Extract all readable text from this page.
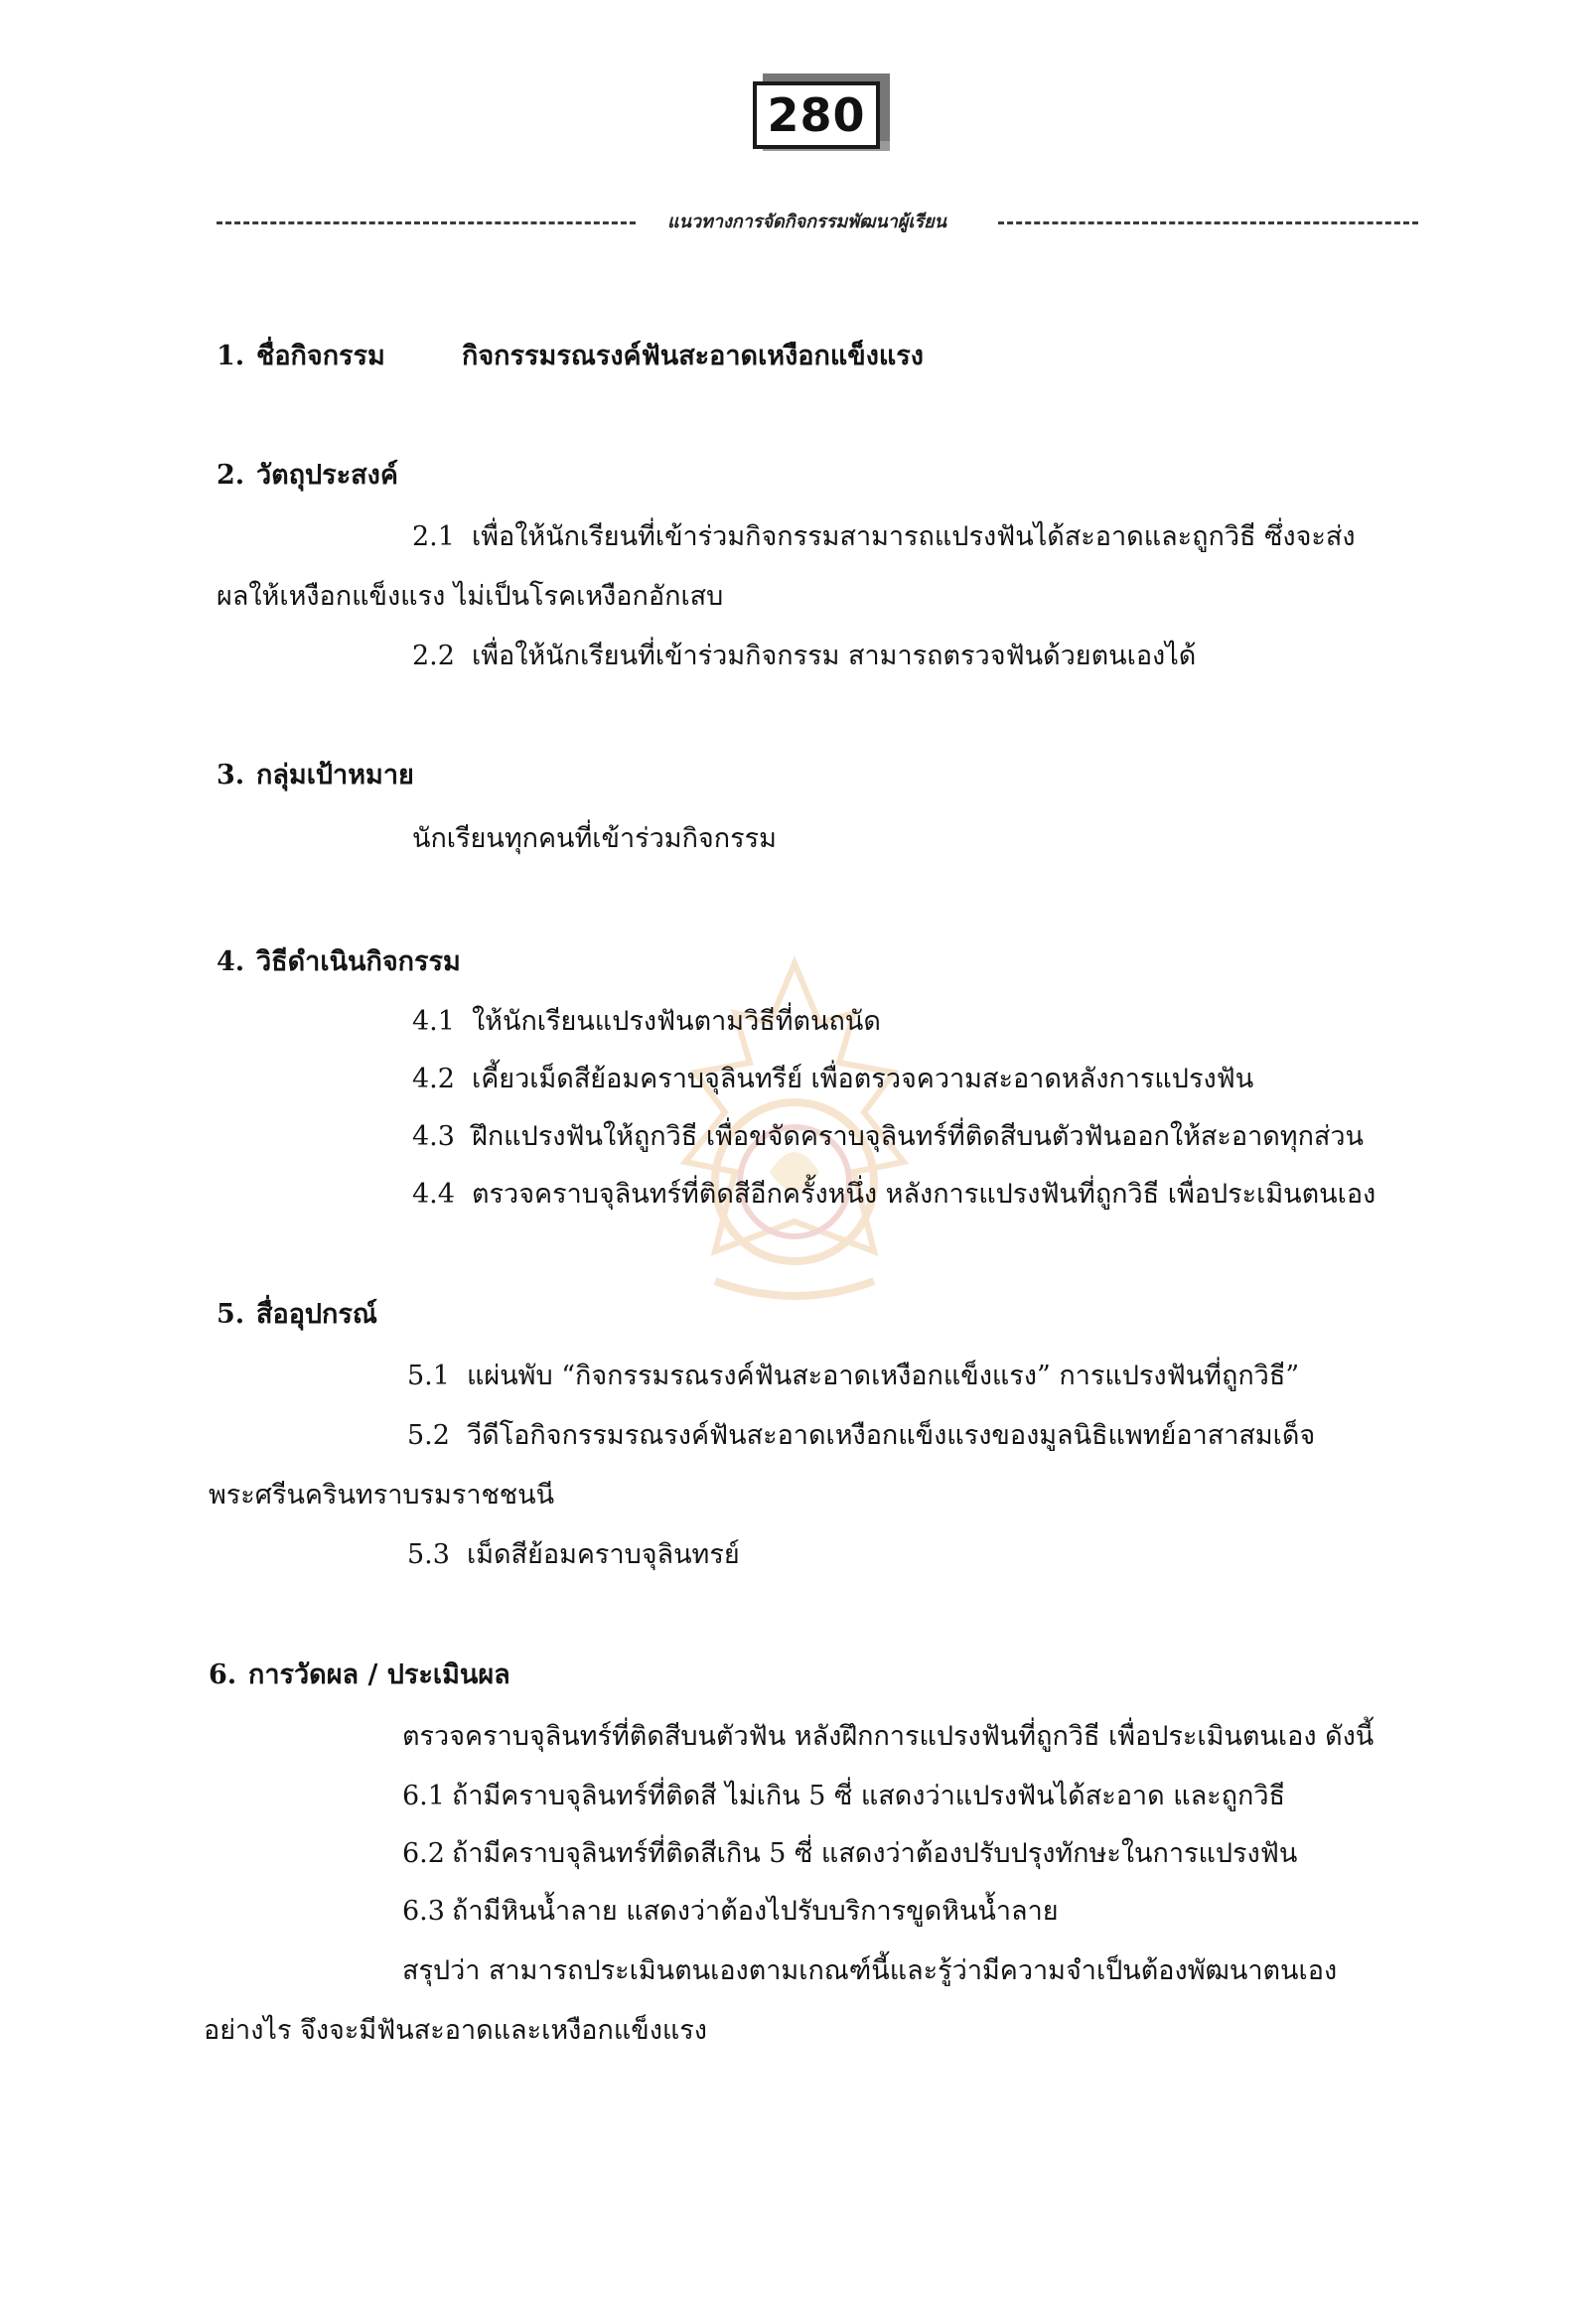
280
แนวทางการจัดกิจกรรมพัฒนาผู้เรียน
1. ชื่อกิจกรรม	กิจกรรมรณรงค์ฟันสะอาดเหงือกแข็งแรง
2. วัตถุประสงค์
2.1 เพื่อให้นักเรียนที่เข้าร่วมกิจกรรมสามารถแปรงฟันได้สะอาดและถูกวิธี ซึ่งจะส่ง
ผลให้เหงือกแข็งแรง ไม่เป็นโรคเหงือกอักเสบ
2.2 เพื่อให้นักเรียนที่เข้าร่วมกิจกรรม สามารถตรวจฟันด้วยตนเองได้
3. กลุ่มเป้าหมาย
นักเรียนทุกคนที่เข้าร่วมกิจกรรม
4. วิธีดำเนินกิจกรรม
4.1 ให้นักเรียนแปรงฟันตามวิธีที่ตนถนัด
4.2 เคี้ยวเม็ดสีย้อมคราบจุลินทรีย์ เพื่อตรวจความสะอาดหลังการแปรงฟัน
4.3 ฝึกแปรงฟันให้ถูกวิธี เพื่อขจัดคราบจุลินทร์ที่ติดสีบนตัวฟันออกให้สะอาดทุกส่วน
4.4 ตรวจคราบจุลินทร์ที่ติดสีอีกครั้งหนึ่ง หลังการแปรงฟันที่ถูกวิธี เพื่อประเมินตนเอง
5. สื่ออุปกรณ์
5.1 แผ่นพับ “กิจกรรมรณรงค์ฟันสะอาดเหงือกแข็งแรง” การแปรงฟันที่ถูกวิธี”
5.2 วีดีโอกิจกรรมรณรงค์ฟันสะอาดเหงือกแข็งแรงของมูลนิธิแพทย์อาสาสมเด็จ
พระศรีนครินทราบรมราชชนนี
5.3 เม็ดสีย้อมคราบจุลินทรย์
6. การวัดผล / ประเมินผล
ตรวจคราบจุลินทร์ที่ติดสีบนตัวฟัน หลังฝึกการแปรงฟันที่ถูกวิธี เพื่อประเมินตนเอง ดังนี้
6.1 ถ้ามีคราบจุลินทร์ที่ติดสี ไม่เกิน 5 ซี่ แสดงว่าแปรงฟันได้สะอาด และถูกวิธี
6.2 ถ้ามีคราบจุลินทร์ที่ติดสีเกิน 5 ซี่ แสดงว่าต้องปรับปรุงทักษะในการแปรงฟัน
6.3 ถ้ามีหินน้ำลาย แสดงว่าต้องไปรับบริการขูดหินน้ำลาย
สรุปว่า สามารถประเมินตนเองตามเกณฑ์นี้และรู้ว่ามีความจำเป็นต้องพัฒนาตนเอง
อย่างไร จึงจะมีฟันสะอาดและเหงือกแข็งแรง
